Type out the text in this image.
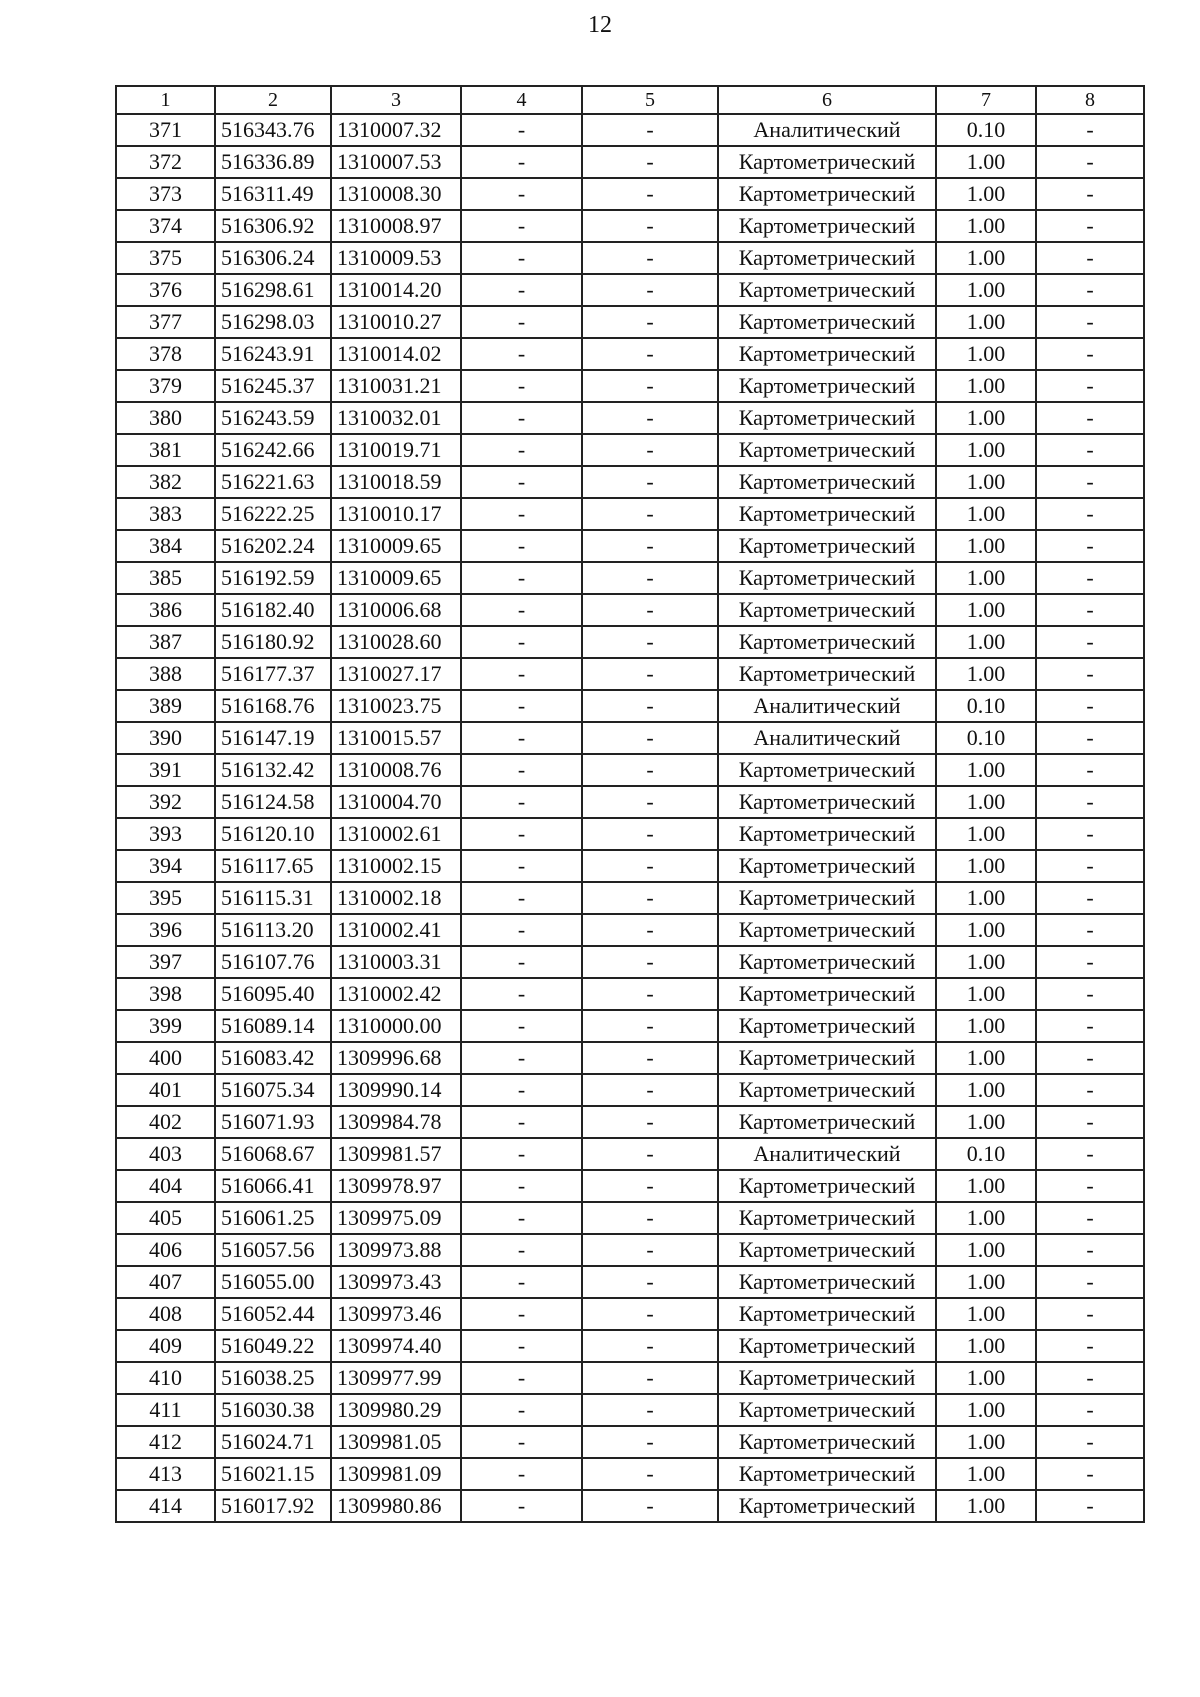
12
1	2	3	4	5	6	7	8
371	516343.76	1310007.32	-	-	Аналитический	0.10	-
372	516336.89	1310007.53	-	-	Картометрический	1.00	-
373	516311.49	1310008.30	-	-	Картометрический	1.00	-
374	516306.92	1310008.97	-	-	Картометрический	1.00	-
375	516306.24	1310009.53	-	-	Картометрический	1.00	-
376	516298.61	1310014.20	-	-	Картометрический	1.00	-
377	516298.03	1310010.27	-	-	Картометрический	1.00	-
378	516243.91	1310014.02	-	-	Картометрический	1.00	-
379	516245.37	1310031.21	-	-	Картометрический	1.00	-
380	516243.59	1310032.01	-	-	Картометрический	1.00	-
381	516242.66	1310019.71	-	-	Картометрический	1.00	-
382	516221.63	1310018.59	-	-	Картометрический	1.00	-
383	516222.25	1310010.17	-	-	Картометрический	1.00	-
384	516202.24	1310009.65	-	-	Картометрический	1.00	-
385	516192.59	1310009.65	-	-	Картометрический	1.00	-
386	516182.40	1310006.68	-	-	Картометрический	1.00	-
387	516180.92	1310028.60	-	-	Картометрический	1.00	-
388	516177.37	1310027.17	-	-	Картометрический	1.00	-
389	516168.76	1310023.75	-	-	Аналитический	0.10	-
390	516147.19	1310015.57	-	-	Аналитический	0.10	-
391	516132.42	1310008.76	-	-	Картометрический	1.00	-
392	516124.58	1310004.70	-	-	Картометрический	1.00	-
393	516120.10	1310002.61	-	-	Картометрический	1.00	-
394	516117.65	1310002.15	-	-	Картометрический	1.00	-
395	516115.31	1310002.18	-	-	Картометрический	1.00	-
396	516113.20	1310002.41	-	-	Картометрический	1.00	-
397	516107.76	1310003.31	-	-	Картометрический	1.00	-
398	516095.40	1310002.42	-	-	Картометрический	1.00	-
399	516089.14	1310000.00	-	-	Картометрический	1.00	-
400	516083.42	1309996.68	-	-	Картометрический	1.00	-
401	516075.34	1309990.14	-	-	Картометрический	1.00	-
402	516071.93	1309984.78	-	-	Картометрический	1.00	-
403	516068.67	1309981.57	-	-	Аналитический	0.10	-
404	516066.41	1309978.97	-	-	Картометрический	1.00	-
405	516061.25	1309975.09	-	-	Картометрический	1.00	-
406	516057.56	1309973.88	-	-	Картометрический	1.00	-
407	516055.00	1309973.43	-	-	Картометрический	1.00	-
408	516052.44	1309973.46	-	-	Картометрический	1.00	-
409	516049.22	1309974.40	-	-	Картометрический	1.00	-
410	516038.25	1309977.99	-	-	Картометрический	1.00	-
411	516030.38	1309980.29	-	-	Картометрический	1.00	-
412	516024.71	1309981.05	-	-	Картометрический	1.00	-
413	516021.15	1309981.09	-	-	Картометрический	1.00	-
414	516017.92	1309980.86	-	-	Картометрический	1.00	-
